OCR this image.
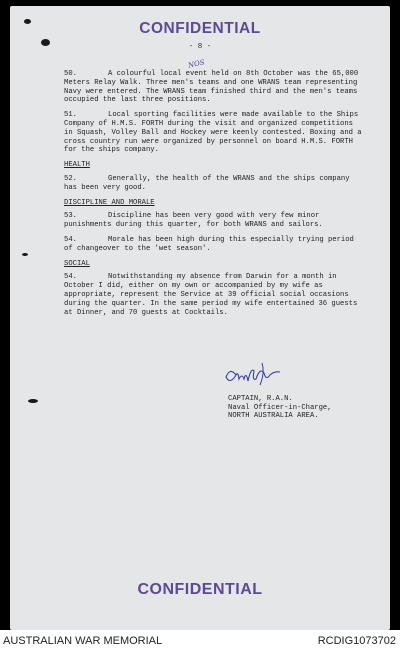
CONFIDENTIAL
- 8 -
NOS
50.	A colourful local event held on 8th October was the 65,000 Meters Relay Walk. Three men's teams and one WRANS team representing Navy were entered. The WRANS team finished third and the men's teams occupied the last three positions.
51.	Local sporting facilities were made available to the Ships Company of H.M.S. FORTH during the visit and organized competitions in Squash, Volley Ball and Hockey were keenly contested. Boxing and a cross country run were organized by personnel on board H.M.S. FORTH for the ships company.
HEALTH
52.	Generally, the health of the WRANS and the ships company has been very good.
DISCIPLINE AND MORALE
53.	Discipline has been very good with very few minor punishments during this quarter, for both WRANS and sailors.
54.	Morale has been high during this especially trying period of changeover to the 'wet season'.
SOCIAL
54.	Notwithstanding my absence from Darwin for a month in October I did, either on my own or accompanied by my wife as appropriate, represent the Service at 39 official social occasions during the quarter. In the same period my wife entertained 36 guests at Dinner, and 70 guests at Cocktails.
CAPTAIN, R.A.N.
Naval Officer-in-Charge,
NORTH AUSTRALIA AREA.
CONFIDENTIAL
AUSTRALIAN WAR MEMORIAL	RCDIG1073702
